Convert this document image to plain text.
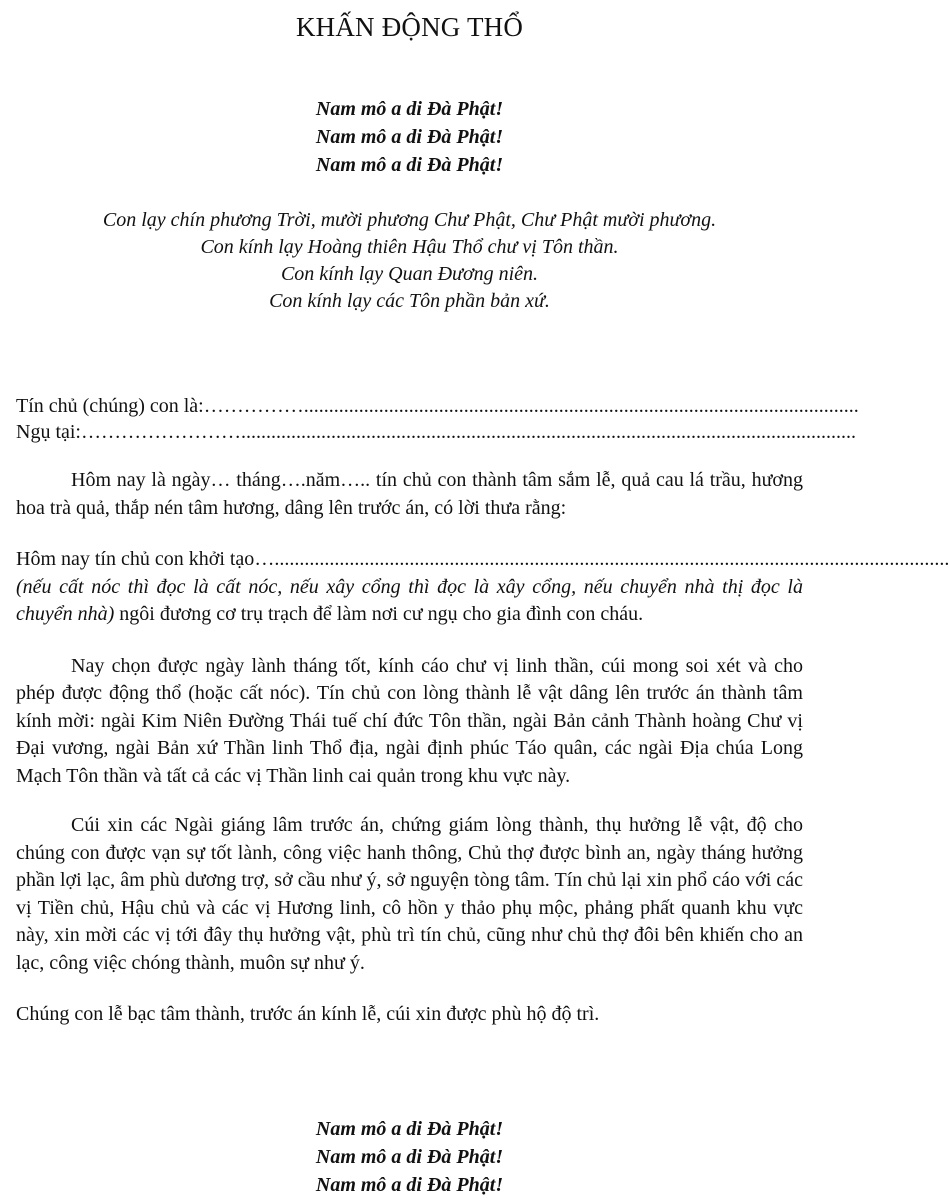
KHẤN ĐỘNG THỔ
Nam mô a di Đà Phật!
Nam mô a di Đà Phật!
Nam mô a di Đà Phật!
Con lạy chín phương Trời, mười phương Chư Phật, Chư Phật mười phương.
Con kính lạy Hoàng thiên Hậu Thổ chư vị Tôn thần.
Con kính lạy Quan Đương niên.
Con kính lạy các Tôn phần bản xứ.
Tín chủ (chúng) con là: ……………...............................................................................................................
Ngụ tại: ……………………...........................................................................................................................

Hôm nay là ngày… tháng….năm….. tín chủ con thành tâm sắm lễ, quả cau lá trầu, hương hoa trà quả, thắp nén tâm hương, dâng lên trước án, có lời thưa rằng:

Hôm nay tín chủ con khởi tạo ….......................................................................................................................................

(nếu cất nóc thì đọc là cất nóc, nếu xây cổng thì đọc là xây cổng, nếu chuyển nhà thị đọc là chuyển nhà) ngôi đương cơ trụ trạch để làm nơi cư ngụ cho gia đình con cháu.

Nay chọn được ngày lành tháng tốt, kính cáo chư vị linh thần, cúi mong soi xét và cho phép được động thổ (hoặc cất nóc). Tín chủ con lòng thành lễ vật dâng lên trước án thành tâm kính mời: ngài Kim Niên Đường Thái tuế chí đức Tôn thần, ngài Bản cảnh Thành hoàng Chư vị Đại vương, ngài Bản xứ Thần linh Thổ địa, ngài định phúc Táo quân, các ngài Địa chúa Long Mạch Tôn thần và tất cả các vị Thần linh cai quản trong khu vực này.

Cúi xin các Ngài giáng lâm trước án, chứng giám lòng thành, thụ hưởng lễ vật, độ cho chúng con được vạn sự tốt lành, công việc hanh thông, Chủ thợ được bình an, ngày tháng hưởng phần lợi lạc, âm phù dương trợ, sở cầu như ý, sở nguyện tòng tâm. Tín chủ lại xin phổ cáo với các vị Tiền chủ, Hậu chủ và các vị Hương linh, cô hồn y thảo phụ mộc, phảng phất quanh khu vực này, xin mời các vị tới đây thụ hưởng vật, phù trì tín chủ, cũng như chủ thợ đôi bên khiến cho an lạc, công việc chóng thành, muôn sự như ý.

Chúng con lễ bạc tâm thành, trước án kính lễ, cúi xin được phù hộ độ trì.

Nam mô a di Đà Phật!
Nam mô a di Đà Phật!
Nam mô a di Đà Phật!
